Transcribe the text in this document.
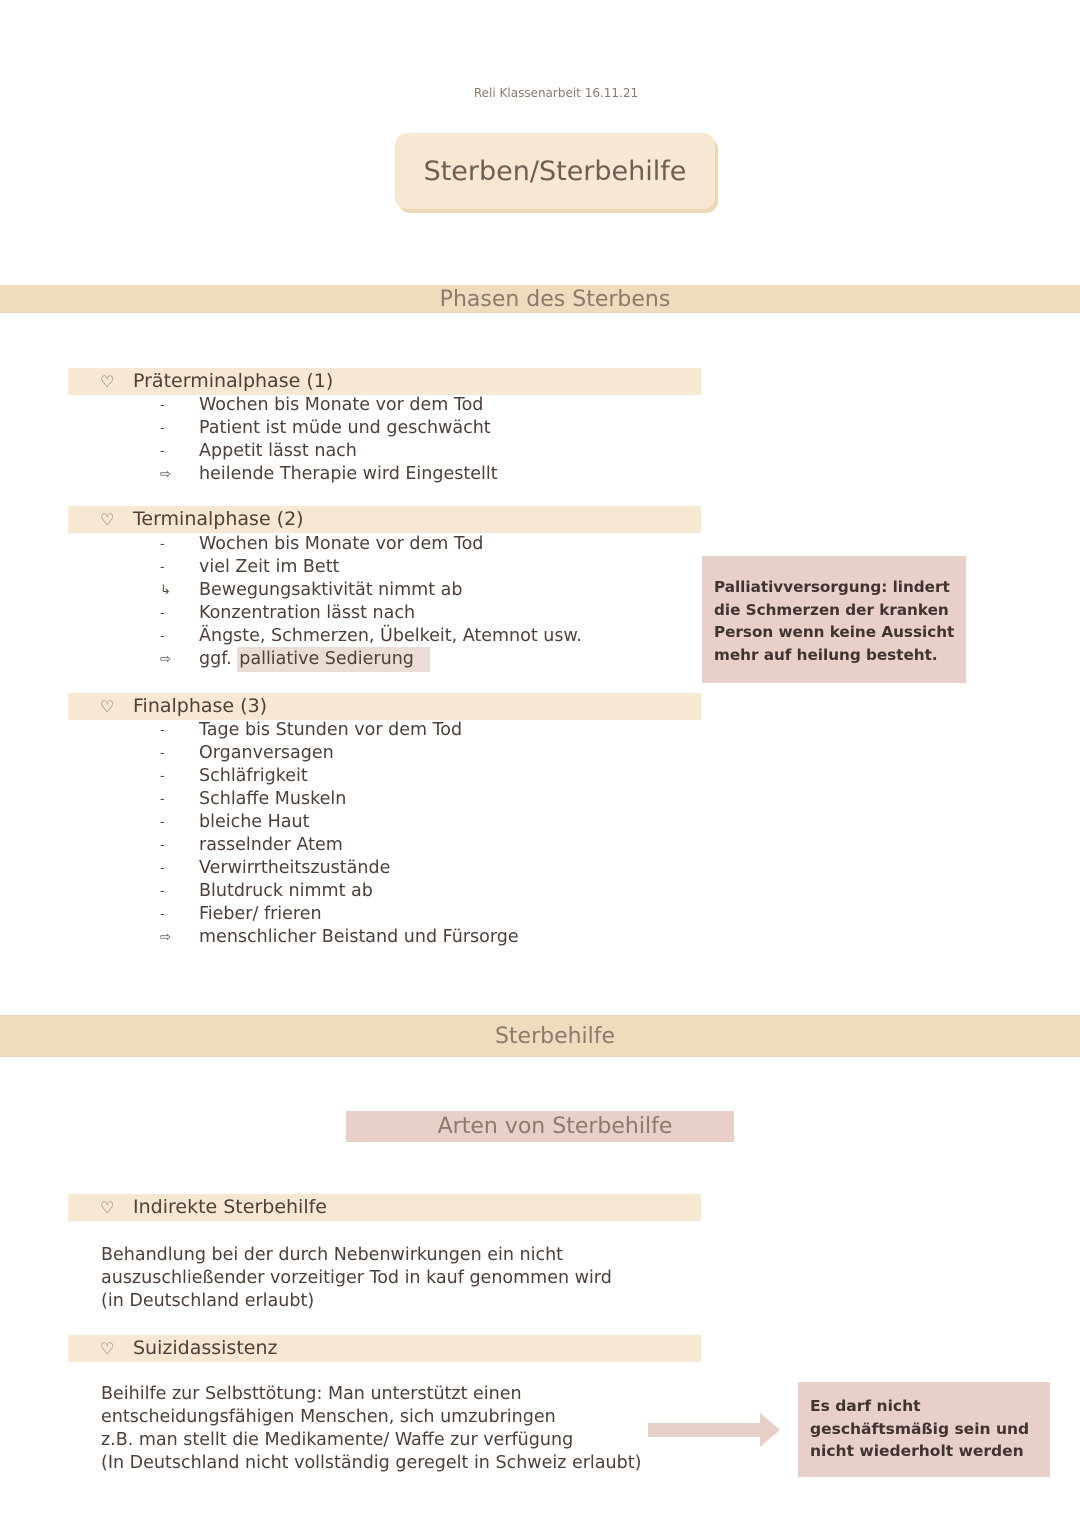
Reli Klassenarbeit 16.11.21
Sterben/Sterbehilfe
Phasen des Sterbens
♡ Präterminalphase (1)
-	Wochen bis Monate vor dem Tod
-	Patient ist müde und geschwächt
-	Appetit lässt nach
⇨	heilende Therapie wird Eingestellt
♡ Terminalphase (2)
-	Wochen bis Monate vor dem Tod
-	viel Zeit im Bett
↳	Bewegungsaktivität nimmt ab
-	Konzentration lässt nach
-	Ängste, Schmerzen, Übelkeit, Atemnot usw.
⇨	ggf. palliative Sedierung
Palliativversorgung: lindert
die Schmerzen der kranken
Person wenn keine Aussicht
mehr auf heilung besteht.
♡ Finalphase (3)
-	Tage bis Stunden vor dem Tod
-	Organversagen
-	Schläfrigkeit
-	Schlaffe Muskeln
-	bleiche Haut
-	rasselnder Atem
-	Verwirrtheitszustände
-	Blutdruck nimmt ab
-	Fieber/ frieren
⇨	menschlicher Beistand und Fürsorge
Sterbehilfe
Arten von Sterbehilfe
♡ Indirekte Sterbehilfe
Behandlung bei der durch Nebenwirkungen ein nicht
auszuschließender vorzeitiger Tod in kauf genommen wird
(in Deutschland erlaubt)
♡ Suizidassistenz
Beihilfe zur Selbsttötung: Man unterstützt einen
entscheidungsfähigen Menschen, sich umzubringen
z.B. man stellt die Medikamente/ Waffe zur verfügung
(In Deutschland nicht vollständig geregelt in Schweiz erlaubt)
Es darf nicht
geschäftsmäßig sein und
nicht wiederholt werden
